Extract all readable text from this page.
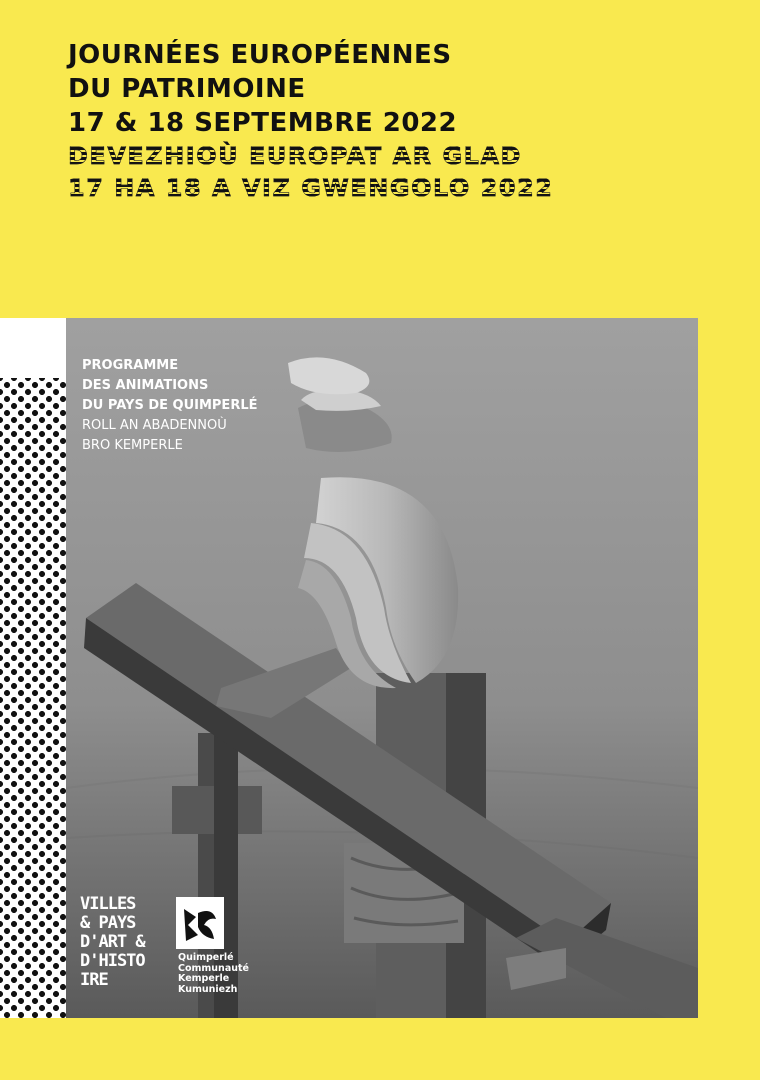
JOURNÉES EUROPÉENNES
DU PATRIMOINE
17 & 18 SEPTEMBRE 2022
DEVEZHIOÙ EUROPAT AR GLAD
17 HA 18 A VIZ GWENGOLO 2022
PROGRAMME
DES ANIMATIONS
DU PAYS DE QUIMPERLÉ
ROLL AN ABADENNOÙ
BRO KEMPERLE
VILLES
& PAYS
D'ART &
D'HISTO
IRE
Quimperlé
Communauté
Kemperle
Kumuniezh
